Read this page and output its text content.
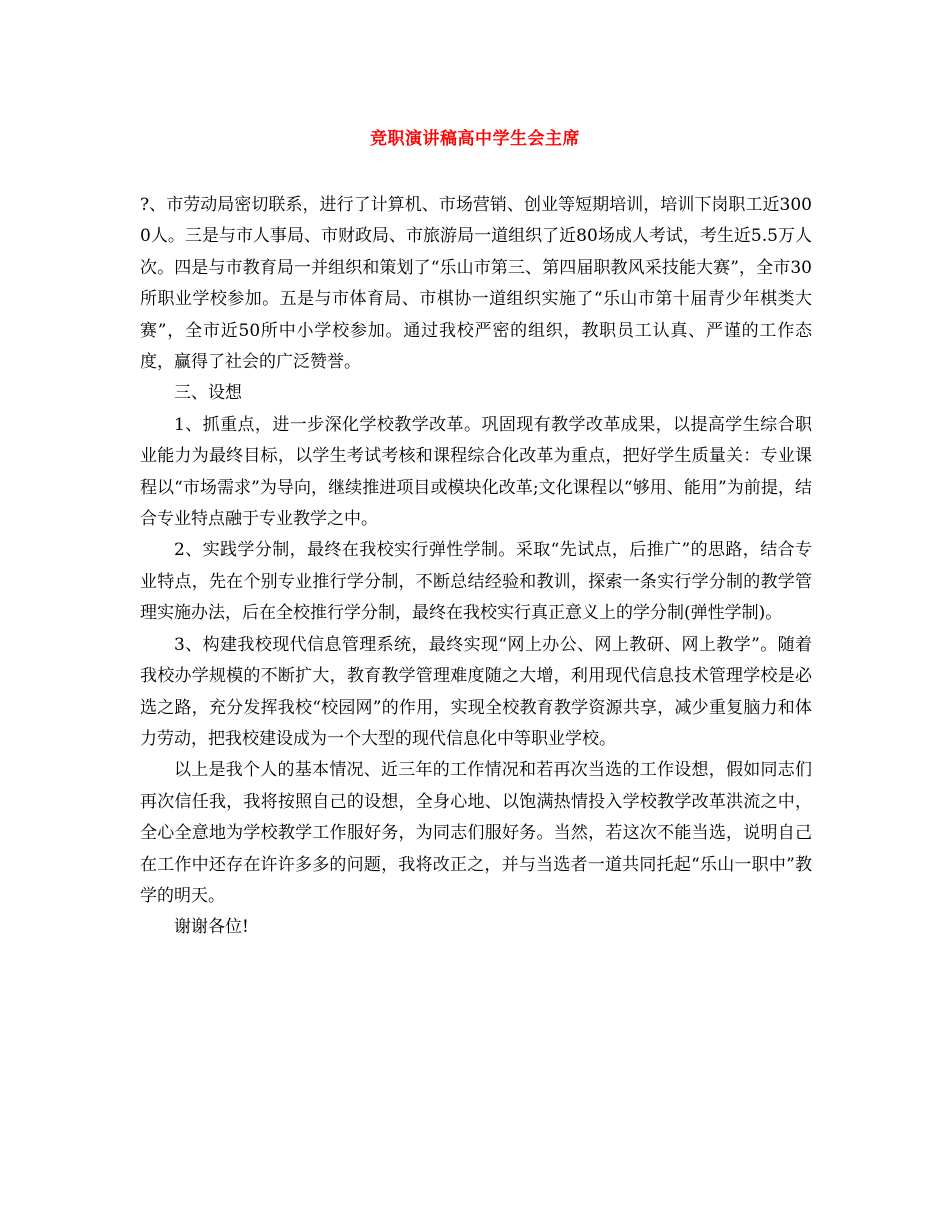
竞职演讲稿高中学生会主席

?、市劳动局密切联系，进行了计算机、市场营销、创业等短期培训，培训下岗职工近3000人。三是与市人事局、市财政局、市旅游局一道组织了近80场成人考试，考生近5.5万人次。四是与市教育局一并组织和策划了“乐山市第三、第四届职教风采技能大赛”，全市30所职业学校参加。五是与市体育局、市棋协一道组织实施了“乐山市第十届青少年棋类大赛”，全市近50所中小学校参加。通过我校严密的组织，教职员工认真、严谨的工作态度，赢得了社会的广泛赞誉。

三、设想

1、抓重点，进一步深化学校教学改革。巩固现有教学改革成果，以提高学生综合职业能力为最终目标，以学生考试考核和课程综合化改革为重点，把好学生质量关：专业课程以“市场需求”为导向，继续推进项目或模块化改革;文化课程以“够用、能用”为前提，结合专业特点融于专业教学之中。

2、实践学分制，最终在我校实行弹性学制。采取“先试点，后推广”的思路，结合专业特点，先在个别专业推行学分制，不断总结经验和教训，探索一条实行学分制的教学管理实施办法，后在全校推行学分制，最终在我校实行真正意义上的学分制(弹性学制)。

3、构建我校现代信息管理系统，最终实现“网上办公、网上教研、网上教学”。随着我校办学规模的不断扩大，教育教学管理难度随之大增，利用现代信息技术管理学校是必选之路，充分发挥我校“校园网”的作用，实现全校教育教学资源共享，减少重复脑力和体力劳动，把我校建设成为一个大型的现代信息化中等职业学校。

以上是我个人的基本情况、近三年的工作情况和若再次当选的工作设想，假如同志们再次信任我，我将按照自己的设想，全身心地、以饱满热情投入学校教学改革洪流之中，全心全意地为学校教学工作服好务，为同志们服好务。当然，若这次不能当选，说明自己在工作中还存在许许多多的问题，我将改正之，并与当选者一道共同托起“乐山一职中”教学的明天。

谢谢各位!
